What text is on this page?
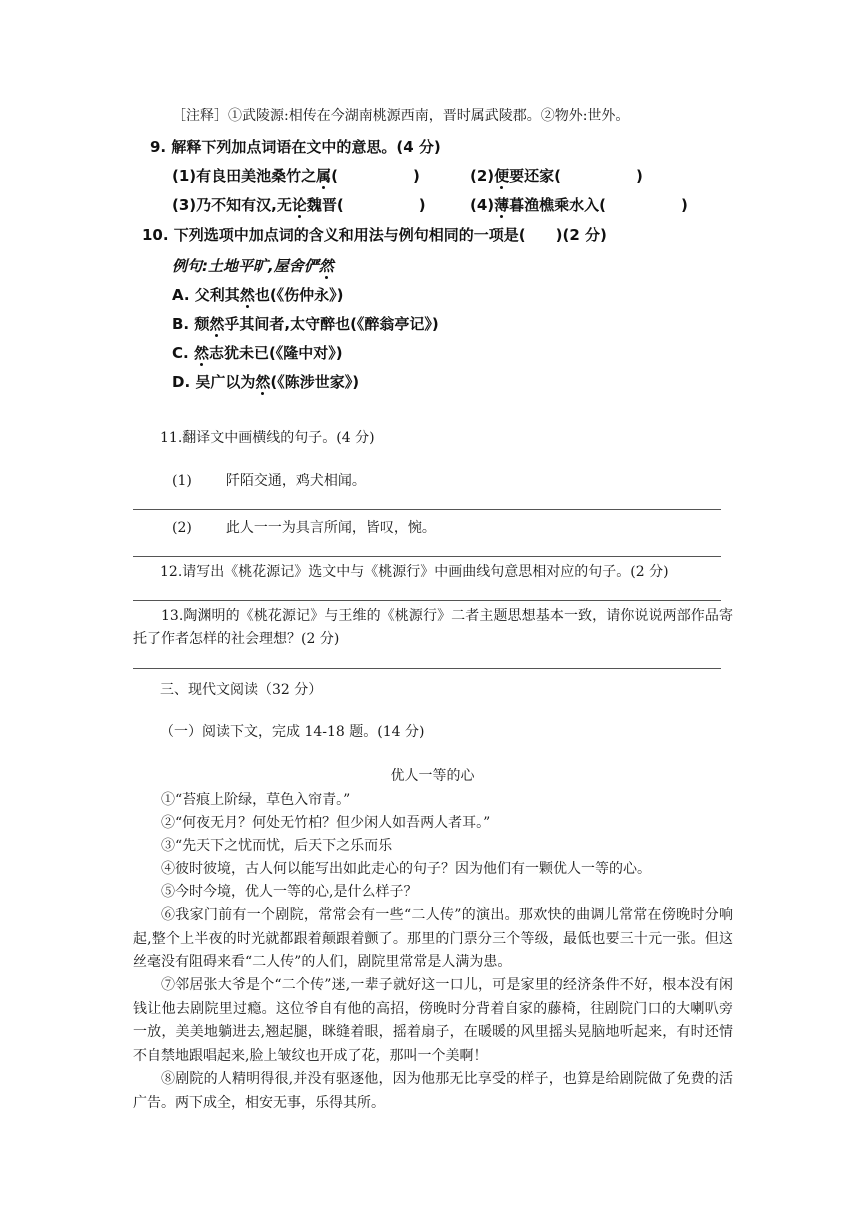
［注释］①武陵源:相传在今湖南桃源西南，晋时属武陵郡。②物外:世外。
9. 解释下列加点词语在文中的意思。(4 分)
(1)有良田美池桑竹之属(　　　　　)	(2)便要还家(　　　　　)
(3)乃不知有汉,无论魏晋(　　　　　)	(4)薄暮渔樵乘水入(　　　　　)
10. 下列选项中加点词的含义和用法与例句相同的一项是(　　)(2 分)
例句:土地平旷,屋舍俨然
A. 父利其然也(《伤仲永》)
B. 颓然乎其间者,太守醉也(《醉翁亭记》)
C. 然志犹未已(《隆中对》)
D. 吴广以为然(《陈涉世家》)
11.翻译文中画横线的句子。(4 分)
(1) 阡陌交通，鸡犬相闻。
(2) 此人一一为具言所闻，皆叹，惋。
12.请写出《桃花源记》选文中与《桃源行》中画曲线句意思相对应的句子。(2 分)
13.陶渊明的《桃花源记》与王维的《桃源行》二者主题思想基本一致，请你说说两部作品寄托了作者怎样的社会理想？(2 分)
三、现代文阅读（32 分）
（一）阅读下文，完成 14-18 题。(14 分)
优人一等的心
①“苔痕上阶绿，草色入帘青。”
②“何夜无月？何处无竹柏？但少闲人如吾两人者耳。”
③“先天下之忧而忧，后天下之乐而乐
④彼时彼境，古人何以能写出如此走心的句子？因为他们有一颗优人一等的心。
⑤今时今境，优人一等的心,是什么样子？
⑥我家门前有一个剧院，常常会有一些“二人传”的演出。那欢快的曲调儿常常在傍晚时分响起,整个上半夜的时光就都跟着颠跟着颤了。那里的门票分三个等级，最低也要三十元一张。但这丝毫没有阻碍来看“二人传”的人们，剧院里常常是人满为患。
⑦邻居张大爷是个“二个传”迷,一辈子就好这一口儿，可是家里的经济条件不好，根本没有闲钱让他去剧院里过瘾。这位爷自有他的高招，傍晚时分背着自家的藤椅，往剧院门口的大喇叭旁一放，美美地躺进去,翘起腿，眯缝着眼，摇着扇子，在暖暖的风里摇头晃脑地听起来，有时还情不自禁地跟唱起来,脸上皱纹也开成了花，那叫一个美啊！
⑧剧院的人精明得很,并没有驱逐他，因为他那无比享受的样子，也算是给剧院做了免费的活广告。两下成全，相安无事，乐得其所。
